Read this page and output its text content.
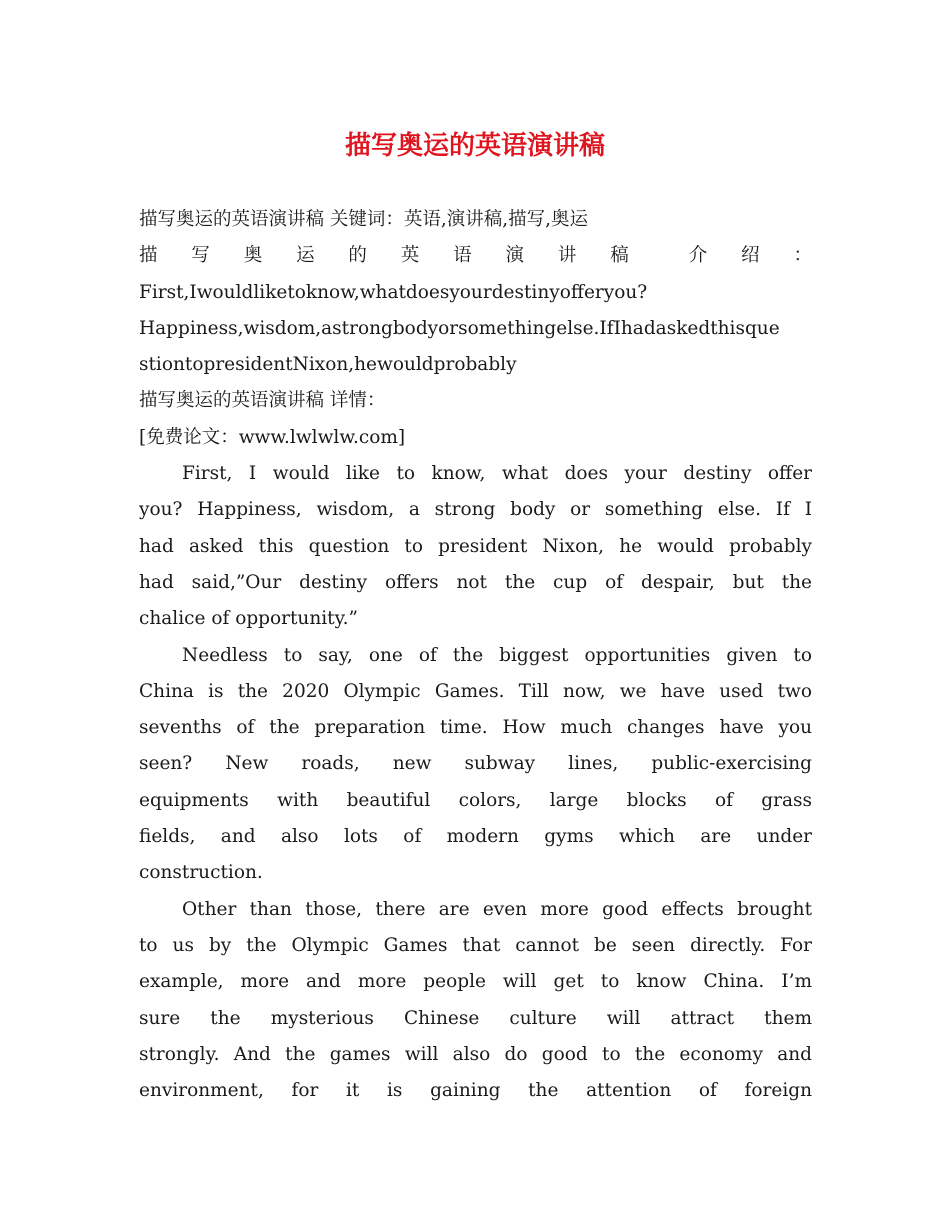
描写奥运的英语演讲稿
描写奥运的英语演讲稿 关键词：英语,演讲稿,描写,奥运
描　写　奥　运　的　英　语　演　讲　稿　　介　绍　：
First,Iwouldliketoknow,whatdoesyourdestinyofferyou?
Happiness,wisdom,astrongbodyorsomethingelse.IfIhadaskedthisque
stiontopresidentNixon,hewouldprobably
描写奥运的英语演讲稿 详情：
[免费论文：www.lwlwlw.com]
First, I would like to know, what does your destiny offer
you? Happiness, wisdom, a strong body or something else. If I
had asked this question to president Nixon, he would probably
had said,”Our destiny offers not the cup of despair, but the
chalice of opportunity.”
Needless to say, one of the biggest opportunities given to
China is the 2020 Olympic Games. Till now, we have used two
sevenths of the preparation time. How much changes have you
seen? New roads, new subway lines, public-exercising
equipments with beautiful colors, large blocks of grass
fields, and also lots of modern gyms which are under
construction.
Other than those, there are even more good effects brought
to us by the Olympic Games that cannot be seen directly. For
example, more and more people will get to know China. I’m
sure the mysterious Chinese culture will attract them
strongly. And the games will also do good to the economy and
environment, for it is gaining the attention of foreign
